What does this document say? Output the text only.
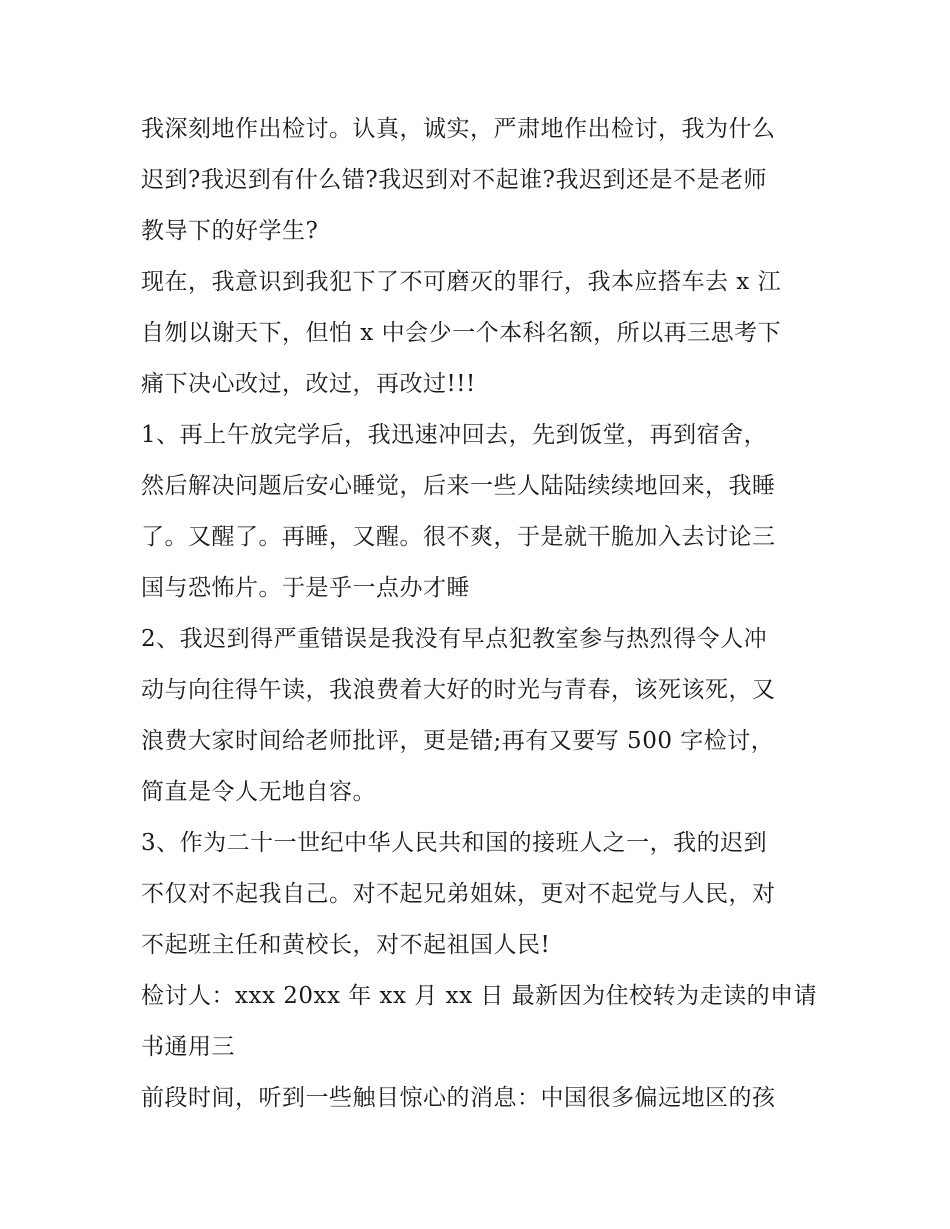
我深刻地作出检讨。认真，诚实，严肃地作出检讨，我为什么
迟到?我迟到有什么错?我迟到对不起谁?我迟到还是不是老师
教导下的好学生?
现在，我意识到我犯下了不可磨灭的罪行，我本应搭车去 x 江
自刎以谢天下，但怕 x 中会少一个本科名额，所以再三思考下
痛下决心改过，改过，再改过!!!
1、再上午放完学后，我迅速冲回去，先到饭堂，再到宿舍，
然后解决问题后安心睡觉，后来一些人陆陆续续地回来，我睡
了。又醒了。再睡，又醒。很不爽，于是就干脆加入去讨论三
国与恐怖片。于是乎一点办才睡
2、我迟到得严重错误是我没有早点犯教室参与热烈得令人冲
动与向往得午读，我浪费着大好的时光与青春，该死该死，又
浪费大家时间给老师批评，更是错;再有又要写 500 字检讨，
简直是令人无地自容。
3、作为二十一世纪中华人民共和国的接班人之一，我的迟到
不仅对不起我自己。对不起兄弟姐妹，更对不起党与人民，对
不起班主任和黄校长，对不起祖国人民!
检讨人：xxx 20xx 年 xx 月 xx 日 最新因为住校转为走读的申请
书通用三
前段时间，听到一些触目惊心的消息：中国很多偏远地区的孩
